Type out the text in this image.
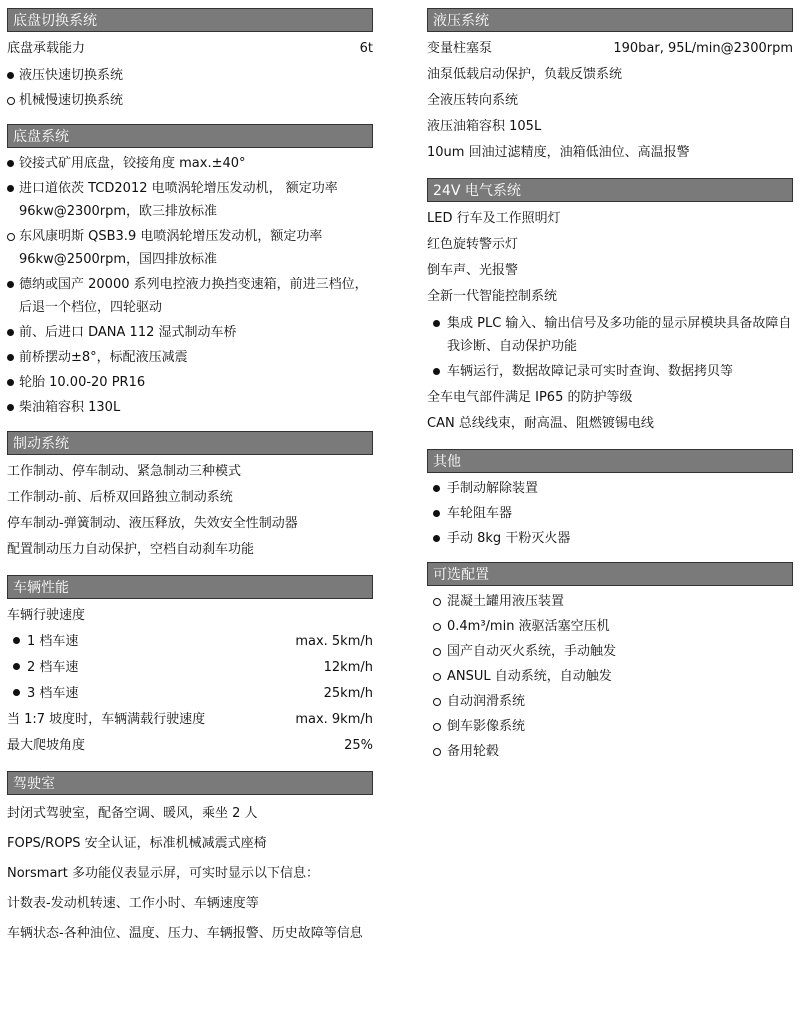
底盘切换系统
底盘承载能力	6t
液压快速切换系统
机械慢速切换系统
底盘系统
铰接式矿用底盘，铰接角度 max.±40°
进口道依茨 TCD2012 电喷涡轮增压发动机， 额定功率 96kw@2300rpm，欧三排放标准
东风康明斯 QSB3.9 电喷涡轮增压发动机，额定功率 96kw@2500rpm，国四排放标准
德纳或国产 20000 系列电控液力换挡变速箱，前进三档位，后退一个档位，四轮驱动
前、后进口 DANA 112 湿式制动车桥
前桥摆动±8°，标配液压减震
轮胎 10.00-20 PR16
柴油箱容积 130L
制动系统
工作制动、停车制动、紧急制动三种模式
工作制动-前、后桥双回路独立制动系统
停车制动-弹簧制动、液压释放，失效安全性制动器
配置制动压力自动保护，空档自动刹车功能
车辆性能
车辆行驶速度
1 档车速	max. 5km/h
2 档车速	12km/h
3 档车速	25km/h
当 1:7 坡度时，车辆满载行驶速度	max. 9km/h
最大爬坡角度	25%
驾驶室
封闭式驾驶室，配备空调、暖风，乘坐 2 人
FOPS/ROPS 安全认证，标准机械减震式座椅
Norsmart 多功能仪表显示屏，可实时显示以下信息：
计数表-发动机转速、工作小时、车辆速度等
车辆状态-各种油位、温度、压力、车辆报警、历史故障等信息
液压系统
变量柱塞泵	190bar, 95L/min@2300rpm
油泵低载启动保护，负载反馈系统
全液压转向系统
液压油箱容积 105L
10um 回油过滤精度，油箱低油位、高温报警
24V 电气系统
LED 行车及工作照明灯
红色旋转警示灯
倒车声、光报警
全新一代智能控制系统
集成 PLC 输入、输出信号及多功能的显示屏模块具备故障自我诊断、自动保护功能
车辆运行，数据故障记录可实时查询、数据拷贝等
全车电气部件满足 IP65 的防护等级
CAN 总线线束，耐高温、阻燃镀锡电线
其他
手制动解除装置
车轮阻车器
手动 8kg 干粉灭火器
可选配置
混凝土罐用液压装置
0.4m³/min 液驱活塞空压机
国产自动灭火系统，手动触发
ANSUL 自动系统，自动触发
自动润滑系统
倒车影像系统
备用轮毂
